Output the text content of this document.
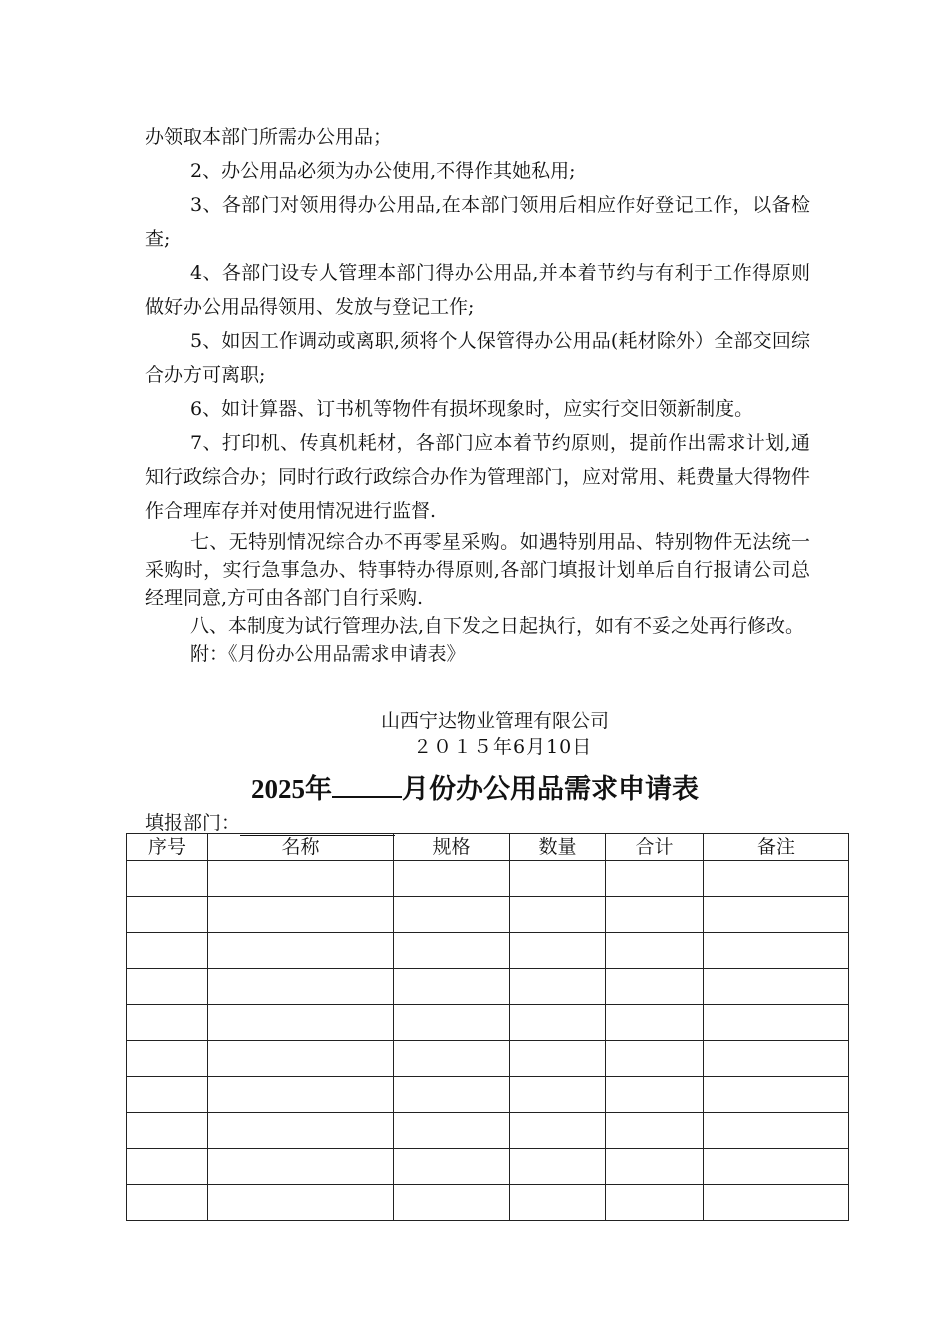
办领取本部门所需办公用品；

2、办公用品必须为办公使用,不得作其她私用;

3、各部门对领用得办公用品,在本部门领用后相应作好登记工作，以备检查;

4、各部门设专人管理本部门得办公用品,并本着节约与有利于工作得原则做好办公用品得领用、发放与登记工作;

5、如因工作调动或离职,须将个人保管得办公用品(耗材除外）全部交回综合办方可离职;

6、如计算器、订书机等物件有损坏现象时，应实行交旧领新制度。

7、打印机、传真机耗材，各部门应本着节约原则，提前作出需求计划,通知行政综合办；同时行政行政综合办作为管理部门，应对常用、耗费量大得物件作合理库存并对使用情况进行监督.

七、无特别情况综合办不再零星采购。如遇特别用品、特别物件无法统一采购时，实行急事急办、特事特办得原则,各部门填报计划单后自行报请公司总经理同意,方可由各部门自行采购.

八、本制度为试行管理办法,自下发之日起执行，如有不妥之处再行修改。

附：《月份办公用品需求申请表》

山西宁达物业管理有限公司
２０１５年6月10日
2025年	月份办公用品需求申请表
填报部门：
序号	名称	规格	数量	合计	备注
